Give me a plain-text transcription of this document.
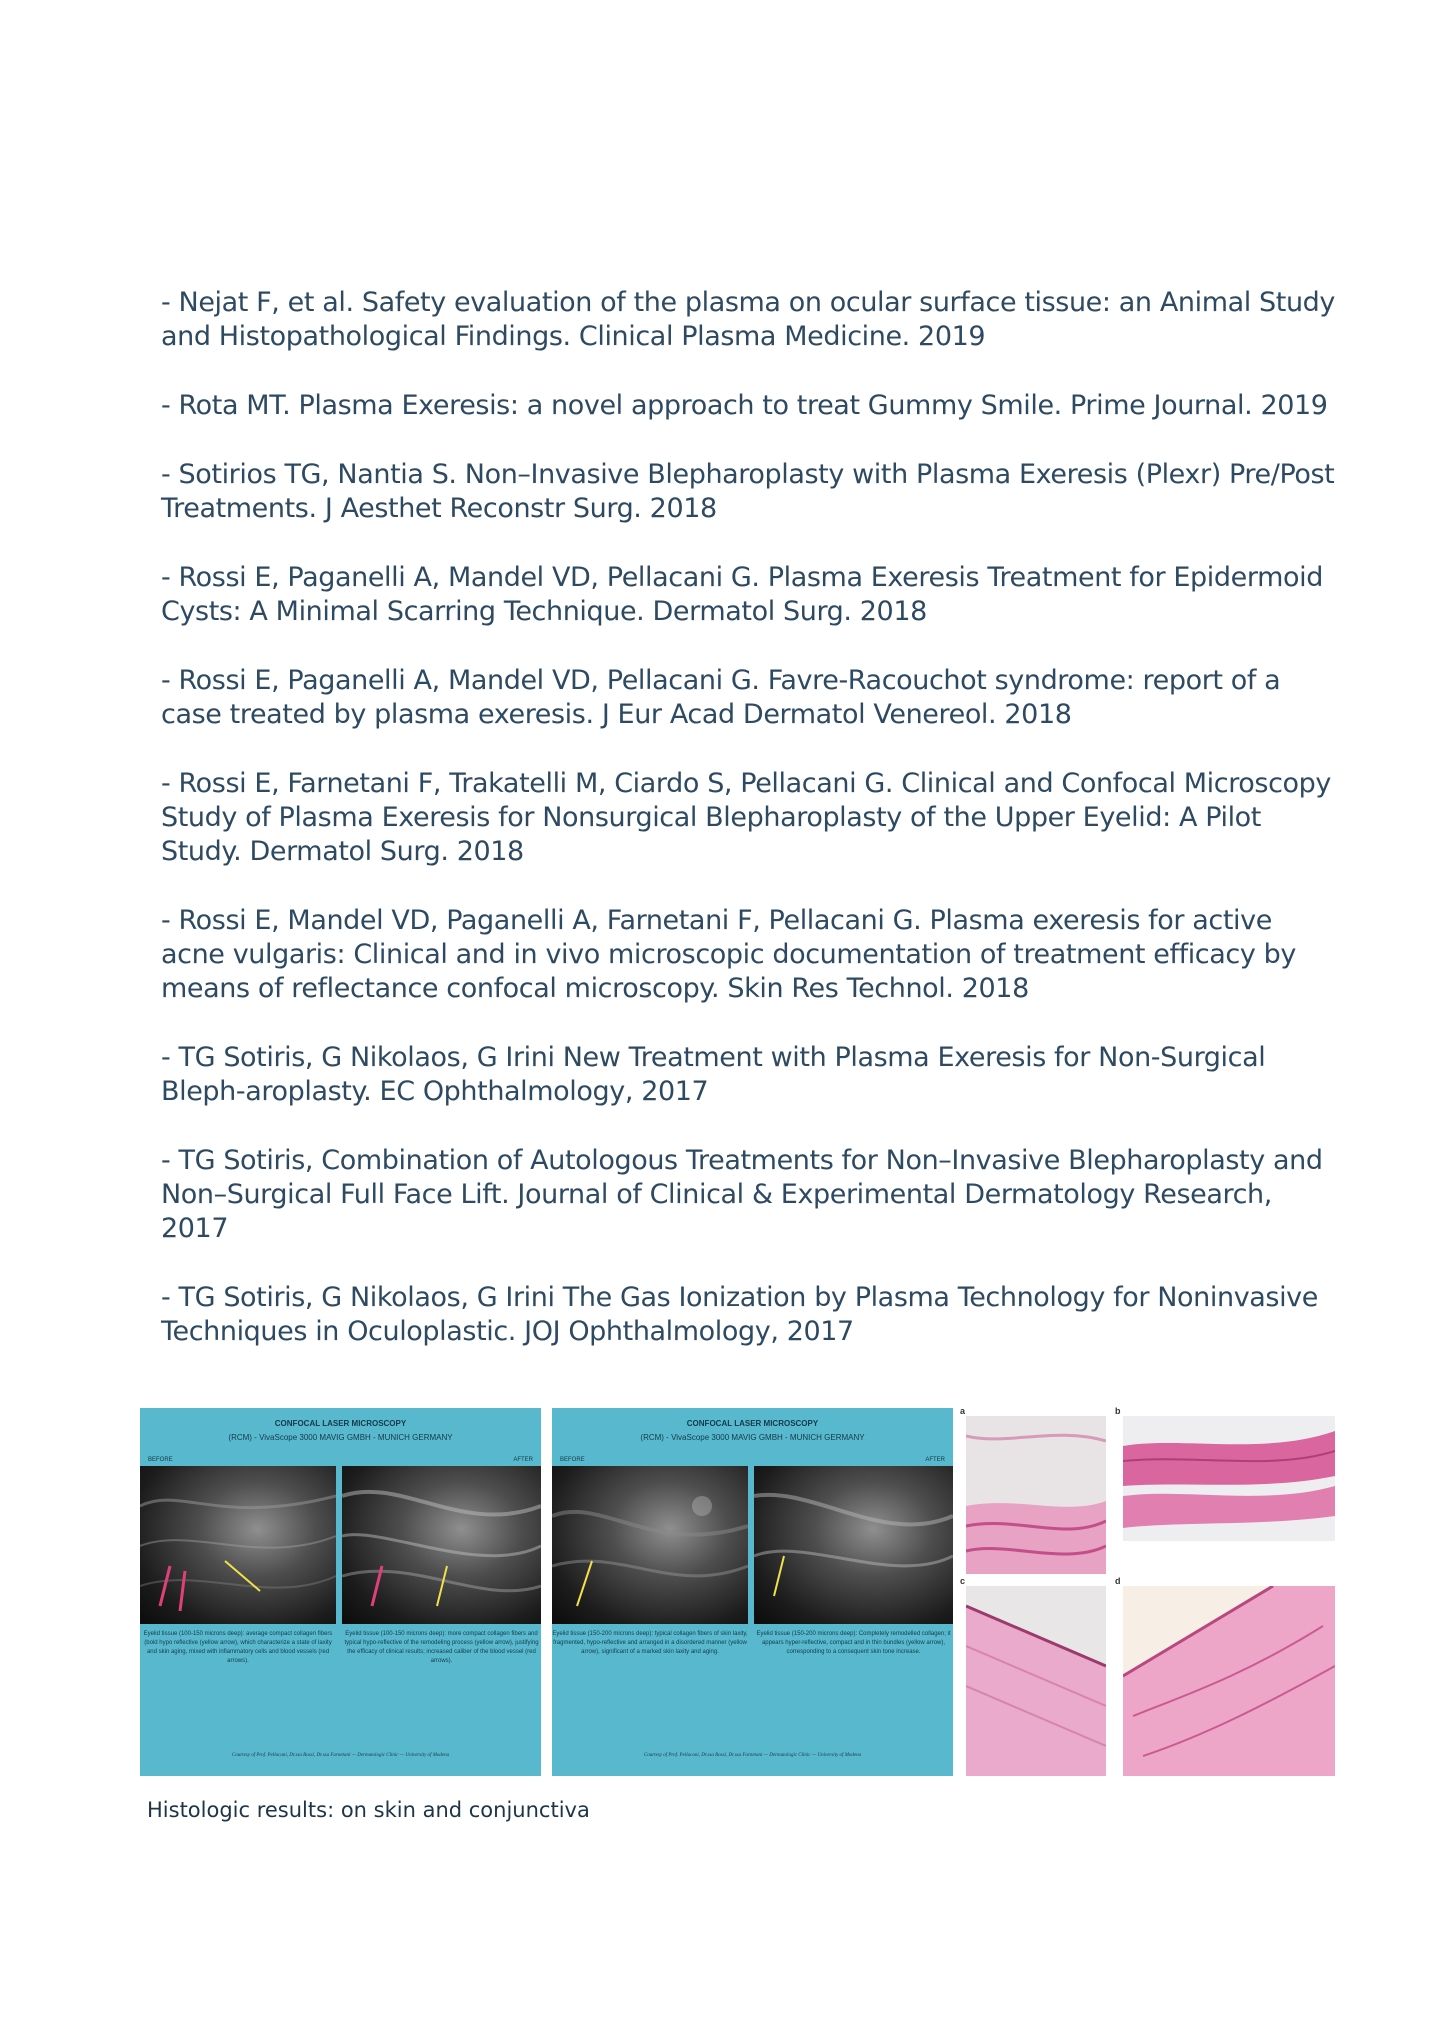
- Nejat F, et al. Safety evaluation of the plasma on ocular surface tissue: an Animal Study and Histopathological Findings. Clinical Plasma Medicine. 2019

- Rota MT. Plasma Exeresis: a novel approach to treat Gummy Smile. Prime Journal. 2019

- Sotirios TG, Nantia S. Non–Invasive Blepharoplasty with Plasma Exeresis (Plexr) Pre/Post Treatments. J Aesthet Reconstr Surg. 2018

- Rossi E, Paganelli A, Mandel VD, Pellacani G. Plasma Exeresis Treatment for Epidermoid Cysts: A Minimal Scarring Technique. Dermatol Surg. 2018

- Rossi E, Paganelli A, Mandel VD, Pellacani G. Favre-Racouchot syndrome: report of a case treated by plasma exeresis. J Eur Acad Dermatol Venereol. 2018

- Rossi E, Farnetani F, Trakatelli M, Ciardo S, Pellacani G. Clinical and Confocal Microscopy Study of Plasma Exeresis for Nonsurgical Blepharoplasty of the Upper Eyelid: A Pilot Study. Dermatol Surg. 2018

- Rossi E, Mandel VD, Paganelli A, Farnetani F, Pellacani G. Plasma exeresis for active acne vulgaris: Clinical and in vivo microscopic documentation of treatment efficacy by means of reflectance confocal microscopy. Skin Res Technol. 2018

- TG Sotiris, G Nikolaos, G Irini New Treatment with Plasma Exeresis for Non-Surgical Bleph-aroplasty. EC Ophthalmology, 2017

- TG Sotiris, Combination of Autologous Treatments for Non–Invasive Blepharoplasty and Non–Surgical Full Face Lift. Journal of Clinical & Experimental Dermatology Research, 2017

- TG Sotiris, G Nikolaos, G Irini The Gas Ionization by Plasma Technology for Noninvasive Techniques in Oculoplastic. JOJ Ophthalmology, 2017

CONFOCAL LASER MICROSCOPY
(RCM) - VivaScope 3000 MAVIG GMBH - MUNICH GERMANY
BEFORE	AFTER
Eyelid tissue (100-150 microns deep): average compact collagen fibers (bold hypo reflective (yellow arrow), which characterize a state of laxity and skin aging, mixed with inflammatory cells and blood vessels (red arrows).
Eyelid tissue (100-150 microns deep): more compact collagen fibers and typical hypo-reflective of the remodeling process (yellow arrow), justifying the efficacy of clinical results; increased caliber of the blood vessel (red arrows).
Courtesy of Prof. Pellacani, Dr.ssa Rossi, Dr.ssa Farnetani — Dermatologic Clinic — University of Modena
CONFOCAL LASER MICROSCOPY
(RCM) - VivaScope 3000 MAVIG GMBH - MUNICH GERMANY
BEFORE	AFTER
Eyelid tissue (150-200 microns deep): typical collagen fibers of skin laxity, fragmented, hypo-reflective and arranged in a disordered manner (yellow arrow), significant of a marked skin laxity and aging.
Eyelid tissue (150-200 microns deep): Completely remodelled collagen; it appears hyper-reflective, compact and in thin bundles (yellow arrow), corresponding to a consequent skin tone increase.
Courtesy of Prof. Pellacani, Dr.ssa Rossi, Dr.ssa Farnetani — Dermatologic Clinic — University of Modena
a	b
c	d
Histologic results: on skin and conjunctiva
